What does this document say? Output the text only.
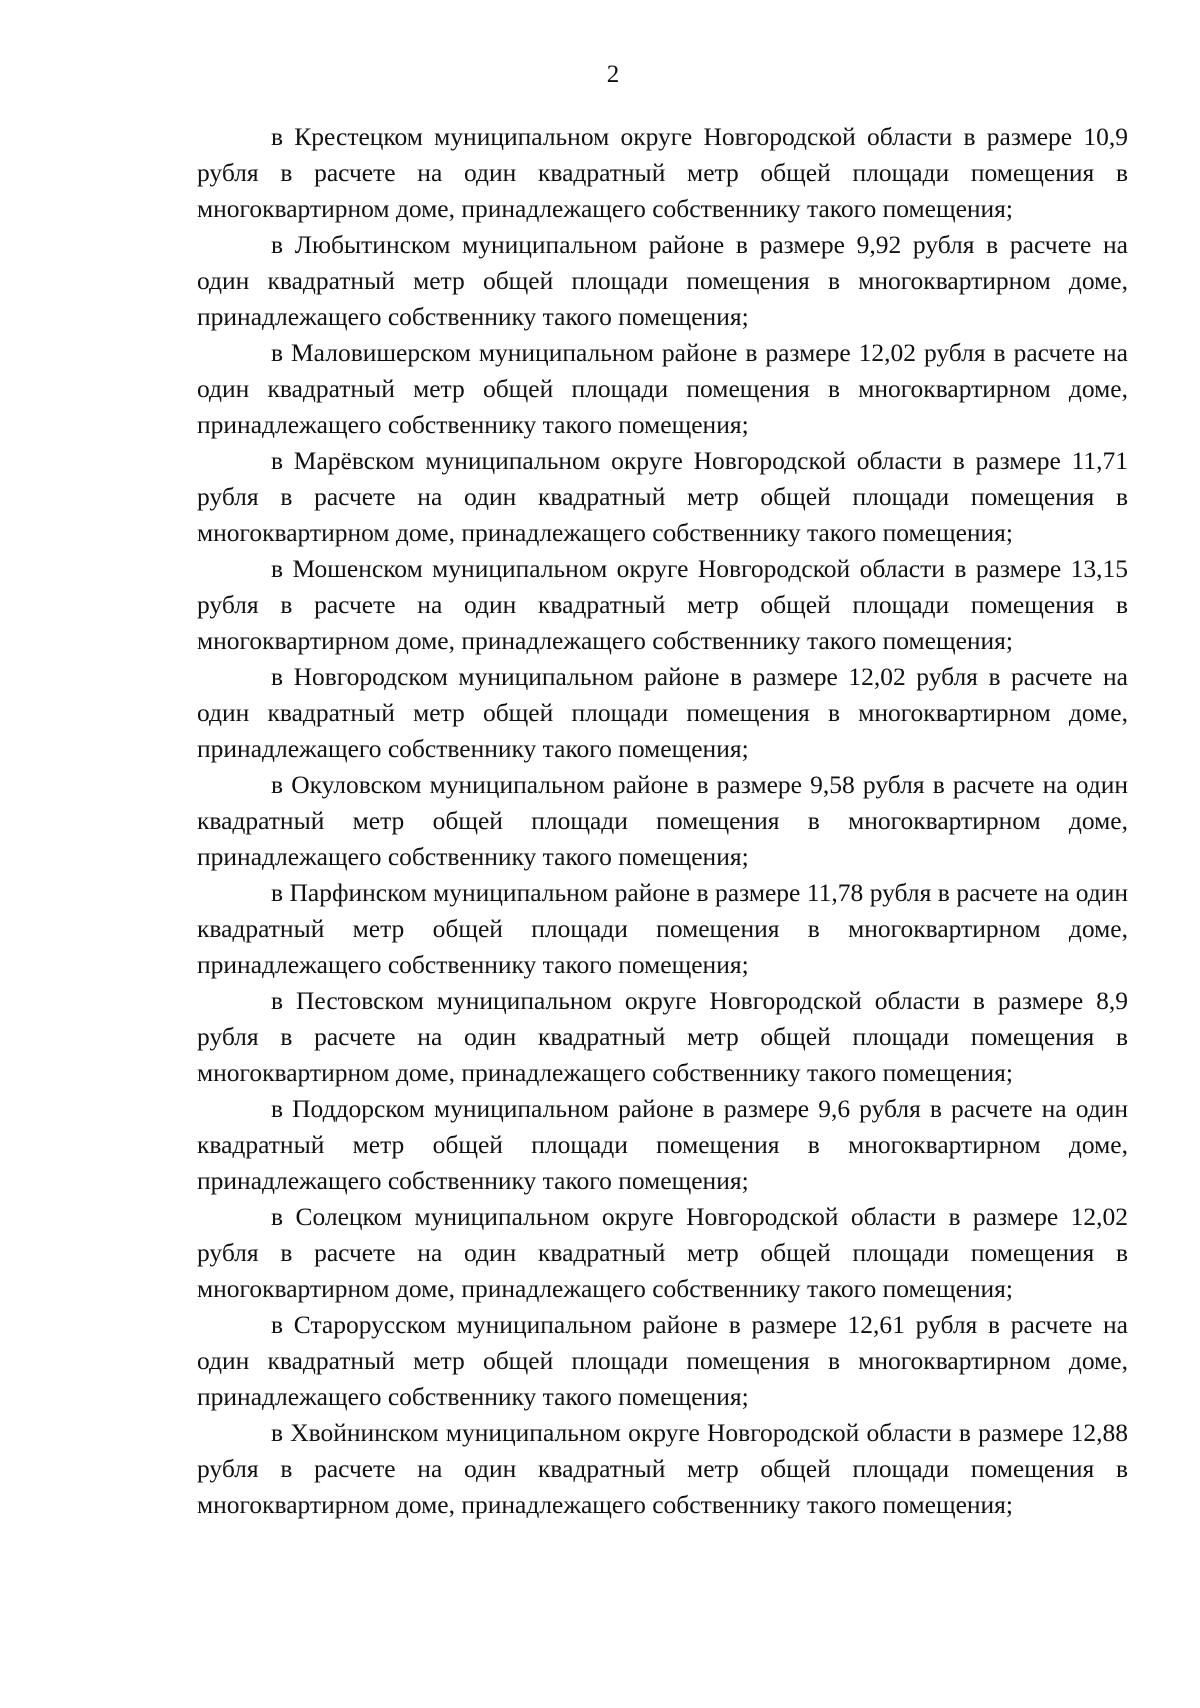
2

в Крестецком муниципальном округе Новгородской области в размере 10,9 рубля в расчете на один квадратный метр общей площади помещения в многоквартирном доме, принадлежащего собственнику такого помещения;

в Любытинском муниципальном районе в размере 9,92 рубля в расчете на один квадратный метр общей площади помещения в многоквартирном доме, принадлежащего собственнику такого помещения;

в Маловишерском муниципальном районе в размере 12,02 рубля в расчете на один квадратный метр общей площади помещения в многоквартирном доме, принадлежащего собственнику такого помещения;

в Марёвском муниципальном округе Новгородской области в размере 11,71 рубля в расчете на один квадратный метр общей площади помещения в многоквартирном доме, принадлежащего собственнику такого помещения;

в Мошенском муниципальном округе Новгородской области в размере 13,15 рубля в расчете на один квадратный метр общей площади помещения в многоквартирном доме, принадлежащего собственнику такого помещения;

в Новгородском муниципальном районе в размере 12,02 рубля в расчете на один квадратный метр общей площади помещения в многоквартирном доме, принадлежащего собственнику такого помещения;

в Окуловском муниципальном районе в размере 9,58 рубля в расчете на один квадратный метр общей площади помещения в многоквартирном доме, принадлежащего собственнику такого помещения;

в Парфинском муниципальном районе в размере 11,78 рубля в расчете на один квадратный метр общей площади помещения в многоквартирном доме, принадлежащего собственнику такого помещения;

в Пестовском муниципальном округе Новгородской области в размере 8,9 рубля в расчете на один квадратный метр общей площади помещения в многоквартирном доме, принадлежащего собственнику такого помещения;

в Поддорском муниципальном районе в размере 9,6 рубля в расчете на один квадратный метр общей площади помещения в многоквартирном доме, принадлежащего собственнику такого помещения;

в Солецком муниципальном округе Новгородской области в размере 12,02 рубля в расчете на один квадратный метр общей площади помещения в многоквартирном доме, принадлежащего собственнику такого помещения;

в Старорусском муниципальном районе в размере 12,61 рубля в расчете на один квадратный метр общей площади помещения в многоквартирном доме, принадлежащего собственнику такого помещения;

в Хвойнинском муниципальном округе Новгородской области в размере 12,88 рубля в расчете на один квадратный метр общей площади помещения в многоквартирном доме, принадлежащего собственнику такого помещения;
